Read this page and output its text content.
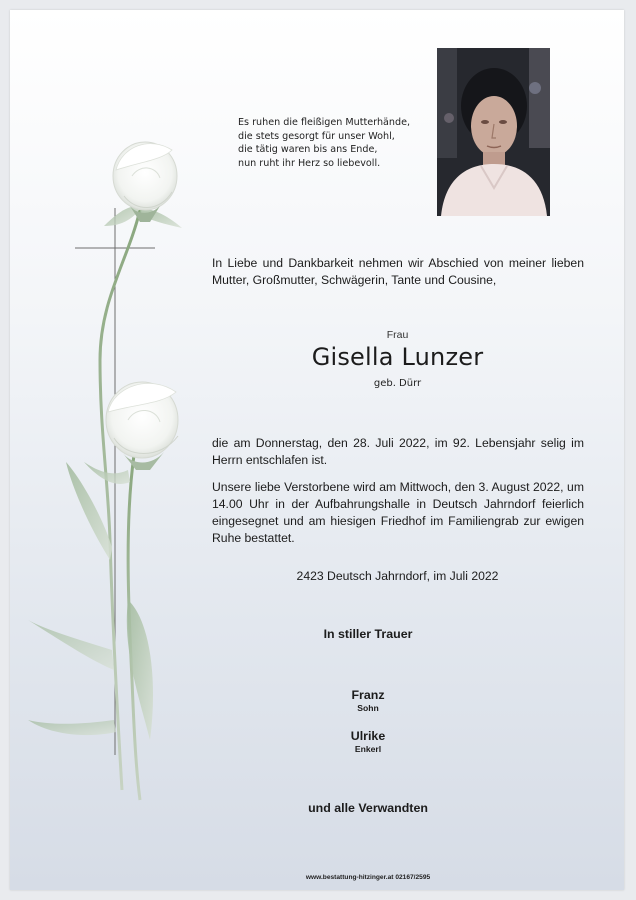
Es ruhen die fleißigen Mutterhände,
die stets gesorgt für unser Wohl,
die tätig waren bis ans Ende,
nun ruht ihr Herz so liebevoll.
In Liebe und Dankbarkeit nehmen wir Abschied von meiner lieben Mutter, Großmutter, Schwägerin, Tante und Cousine,
Frau
Gisella Lunzer
geb. Dürr
die am Donnerstag, den 28. Juli 2022, im 92. Lebensjahr selig im Herrn entschlafen ist.
Unsere liebe Verstorbene wird am Mittwoch, den 3. August 2022, um 14.00 Uhr in der Aufbahrungshalle in Deutsch Jahrndorf feierlich eingesegnet und am hiesigen Friedhof im Familiengrab zur ewigen Ruhe bestattet.
2423 Deutsch Jahrndorf, im Juli 2022
In stiller Trauer
Franz
Sohn
Ulrike
Enkerl
und alle Verwandten
www.bestattung-hitzinger.at 02167/2595
